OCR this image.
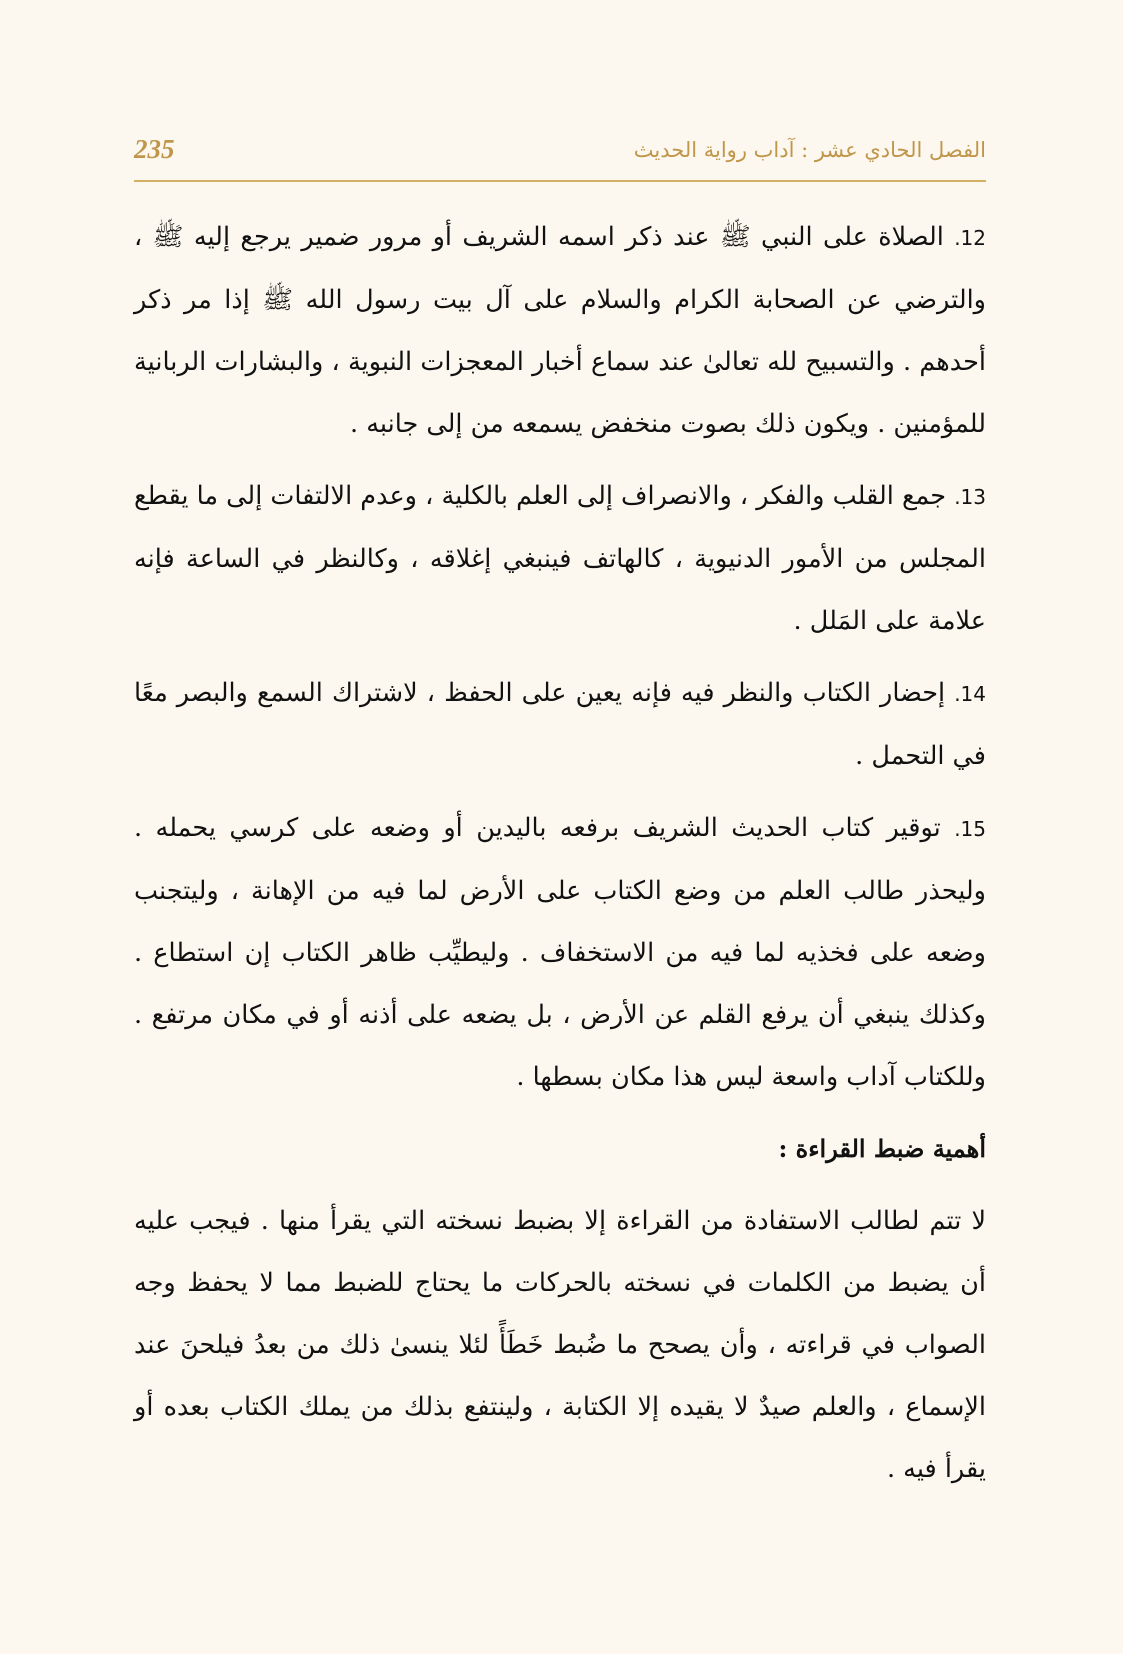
الفصل الحادي عشر : آداب رواية الحديث
235

12. الصلاة على النبي ﷺ عند ذكر اسمه الشريف أو مرور ضمير يرجع إليه ﷺ ، والترضي عن الصحابة الكرام والسلام على آل بيت رسول الله ﷺ إذا مر ذكر أحدهم . والتسبيح لله تعالىٰ عند سماع أخبار المعجزات النبوية ، والبشارات الربانية للمؤمنين . ويكون ذلك بصوت منخفض يسمعه من إلى جانبه .

13. جمع القلب والفكر ، والانصراف إلى العلم بالكلية ، وعدم الالتفات إلى ما يقطع المجلس من الأمور الدنيوية ، كالهاتف فينبغي إغلاقه ، وكالنظر في الساعة فإنه علامة على المَلل .

14. إحضار الكتاب والنظر فيه فإنه يعين على الحفظ ، لاشتراك السمع والبصر معًا في التحمل .

15. توقير كتاب الحديث الشريف برفعه باليدين أو وضعه على كرسي يحمله . وليحذر طالب العلم من وضع الكتاب على الأرض لما فيه من الإهانة ، وليتجنب وضعه على فخذيه لما فيه من الاستخفاف . وليطيِّب ظاهر الكتاب إن استطاع . وكذلك ينبغي أن يرفع القلم عن الأرض ، بل يضعه على أذنه أو في مكان مرتفع . وللكتاب آداب واسعة ليس هذا مكان بسطها .

أهمية ضبط القراءة :

لا تتم لطالب الاستفادة من القراءة إلا بضبط نسخته التي يقرأ منها . فيجب عليه أن يضبط من الكلمات في نسخته بالحركات ما يحتاج للضبط مما لا يحفظ وجه الصواب في قراءته ، وأن يصحح ما ضُبط خَطَأً لئلا ينسىٰ ذلك من بعدُ فيلحنَ عند الإسماع ، والعلم صيدٌ لا يقيده إلا الكتابة ، ولينتفع بذلك من يملك الكتاب بعده أو يقرأ فيه .
